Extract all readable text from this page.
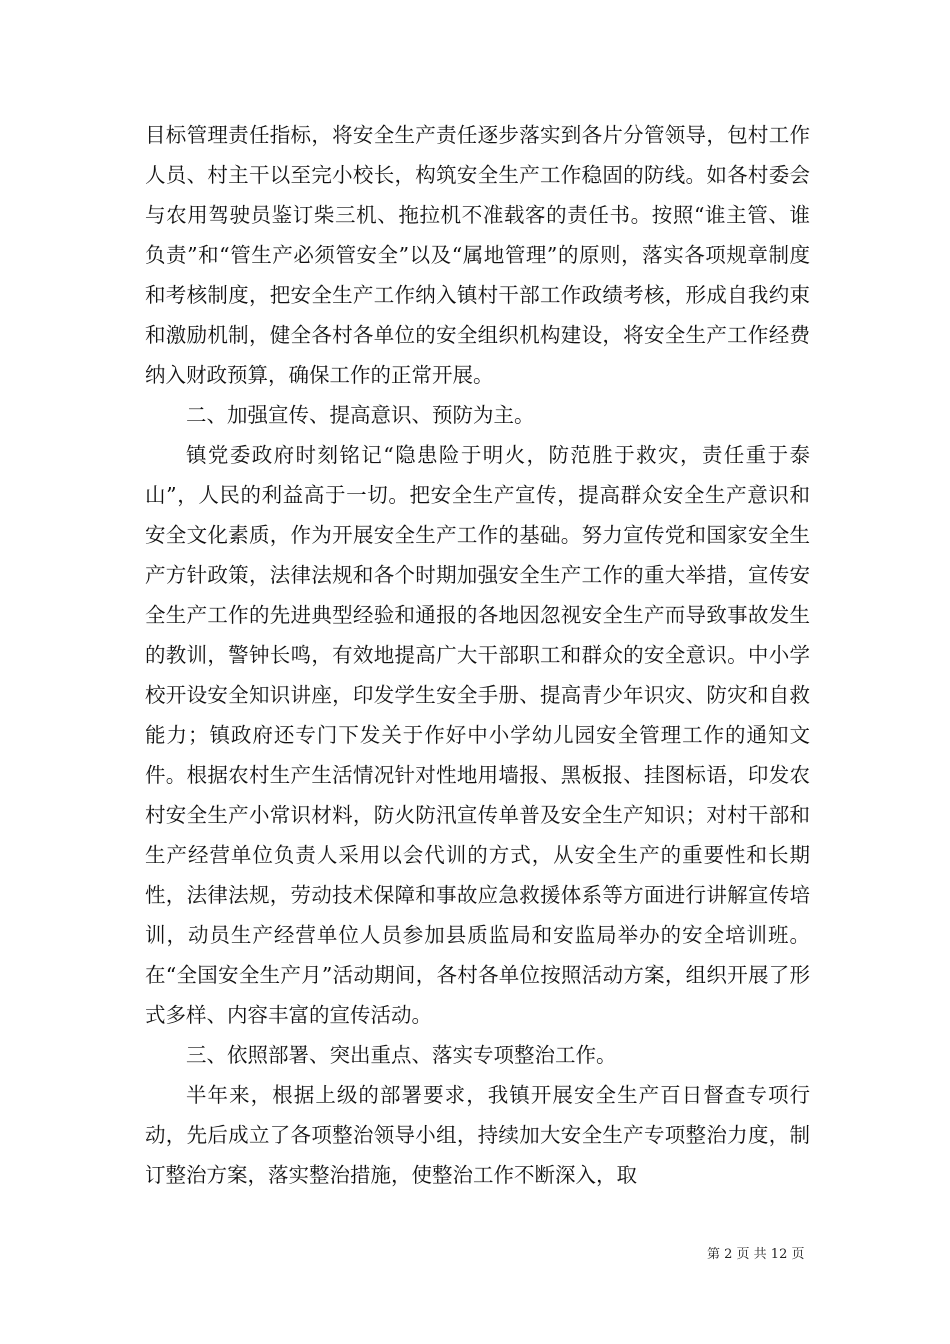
目标管理责任指标，将安全生产责任逐步落实到各片分管领导，包村工作人员、村主干以至完小校长，构筑安全生产工作稳固的防线。如各村委会与农用驾驶员鉴订柴三机、拖拉机不准载客的责任书。按照“谁主管、谁负责”和“管生产必须管安全”以及“属地管理”的原则，落实各项规章制度和考核制度，把安全生产工作纳入镇村干部工作政绩考核，形成自我约束和激励机制，健全各村各单位的安全组织机构建设，将安全生产工作经费纳入财政预算，确保工作的正常开展。

二、加强宣传、提高意识、预防为主。

镇党委政府时刻铭记“隐患险于明火，防范胜于救灾，责任重于泰山”，人民的利益高于一切。把安全生产宣传，提高群众安全生产意识和安全文化素质，作为开展安全生产工作的基础。努力宣传党和国家安全生产方针政策，法律法规和各个时期加强安全生产工作的重大举措，宣传安全生产工作的先进典型经验和通报的各地因忽视安全生产而导致事故发生的教训，警钟长鸣，有效地提高广大干部职工和群众的安全意识。中小学校开设安全知识讲座，印发学生安全手册、提高青少年识灾、防灾和自救能力；镇政府还专门下发关于作好中小学幼儿园安全管理工作的通知文件。根据农村生产生活情况针对性地用墙报、黑板报、挂图标语，印发农村安全生产小常识材料，防火防汛宣传单普及安全生产知识；对村干部和生产经营单位负责人采用以会代训的方式，从安全生产的重要性和长期性，法律法规，劳动技术保障和事故应急救援体系等方面进行讲解宣传培训，动员生产经营单位人员参加县质监局和安监局举办的安全培训班。在“全国安全生产月”活动期间，各村各单位按照活动方案，组织开展了形式多样、内容丰富的宣传活动。

三、依照部署、突出重点、落实专项整治工作。

半年来，根据上级的部署要求，我镇开展安全生产百日督查专项行动，先后成立了各项整治领导小组，持续加大安全生产专项整治力度，制订整治方案，落实整治措施，使整治工作不断深入，取

第 2 页 共 12 页
